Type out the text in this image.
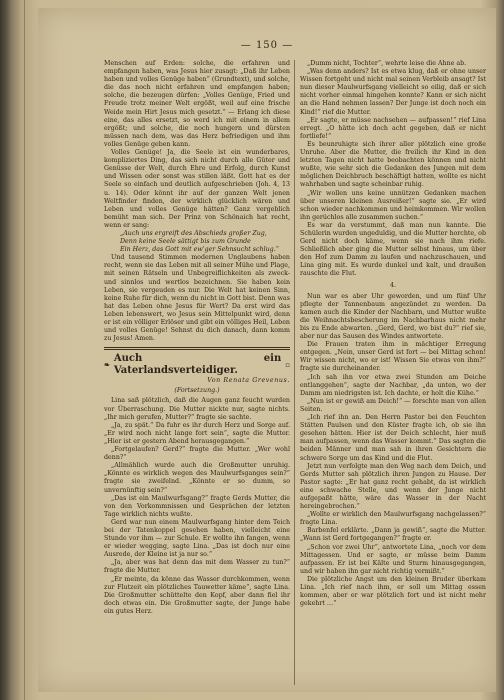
— 150 —

Menschen auf Erden: solche, die erfahren und empfangen haben, was Jesus hier zusagt: „Daß ihr Leben haben und volles Genüge haben“ (Grundtext), und solche, die das noch nicht erfahren und empfangen haben; solche, die bezeugen dürfen: „Volles Genüge, Fried und Freude trotz meiner Welt ergößt, weil auf eine frische Weide mein Hirt Jesus mich gesetzt.“ — Erlang ich diese eine, das alles ersetzt, so werd ich mit einem in allem ergößt; und solche, die noch hungern und dürsten müssen nach dem, was das Herz befriedigen und ihm volles Genüge geben kann.

Volles Genüge! Ja, die Seele ist ein wunderbares, kompliziertes Ding, das sich nicht durch alle Güter und Genüsse der Welt, durch Ehre und Erfolg, durch Kunst und Wissen oder sonst was stillen läßt. Gott hat es der Seele so einfach und deutlich aufgeschrieben (Joh. 4, 13 u. 14). Oder könnt ihr auf der ganzen Welt jenen Weltfinder finden, der wirklich glücklich wären und Leben und volles Genüge hätten? Ganz vergeblich bemüht man sich. Der Prinz von Schönaich hat recht, wenn er sang:

„Auch uns ergreift des Abschieds großer Zug,

Denn keine Seele sättigt bis zum Grunde

Ein Herz, das Gott mit ew'ger Sehnsucht schlug.“

Und tausend Stimmen modernen Unglaubens haben recht, wenn sie das Leben mit all seiner Mühe und Plage, mit seinen Rätseln und Unbegreiflichkeiten als zweck- und sinnlos und wertlos bezeichnen. Sie haben kein Leben, sie vergeuden es nur. Die Welt hat keinen Sinn, keine Ruhe für dich, wenn du nicht in Gott bist. Denn was hat das Leben ohne Jesus für Wert? Da erst wird das Leben lebenswert, wo Jesus sein Mittelpunkt wird, denn er ist ein völliger Erlöser und gibt ein völliges Heil, Leben und volles Genüge! Sehnst du dich danach, dann komm zu Jesus! Amen.

❧
Auch ein Vaterlandsverteidiger.
▫
Von Renata Grevenus.

(Fortsetzung.)

Lina saß plötzlich, daß die Augen ganz feucht wurden vor Überraschung. Die Mutter nickte nur, sagte nichts. „Ihr mich gerufen, Mutter?“ fragte sie sachte.

„Ja, zu spät.“ Da fuhr es ihr durch Herz und Sorge auf. „Er wird noch nicht lange fort sein“, sagte die Mutter. „Hier ist er gestern Abend herausgegangen.“

„Fortgelaufen? Gerd?“ fragte die Mutter. „Wer wohl denn?“

„Allmählich wurde auch die Großmutter unruhig. „Könnte es wirklich wegen des Maulwurfsganges sein?“ fragte sie zweifelnd. „Könnte er so dumm, so unvernünftig sein?“

„Das ist ein Maulwurfsgang?“ fragte Gerds Mutter, die von den Vorkommnissen und Gesprächen der letzten Tage wirklich nichts wußte.

Gerd war nun einem Maulwurfsgang hinter dem Teich bei der Tatenkoppel gesehen haben, vielleicht eine Stunde vor ihm — zur Schule. Er wollte ihn fangen, wenn er wieder wegging, sagte Lina. „Das ist doch nur eine Ausrede, der Kleine ist ja nur so.“

„Ja, aber was hat denn das mit dem Wasser zu tun?“ fragte die Mutter.

„Er meinte, da könne das Wasser durchkommen, wenn zur Flutzeit ein plötzliches Tauwetter käme“, sagte Lina. Die Großmutter schüttelte den Kopf, aber dann fiel ihr doch etwas ein. Die Großmutter sagte, der Junge habe ein gutes Herz.

„Dumm nicht, Tochter“, wehrte leise die Ahne ab.

„Was denn anders? Ist es etwa klug, daß er ohne unser Wissen fortgeht und nicht mal seinen Verbleib ansagt? Ist nun dieser Maulwurfsgang vielleicht so eilig, daß er sich nicht vorher einmal hingehen konnte? Kann er sich nicht an die Hand nehmen lassen? Der Junge ist doch noch ein Kind!“ rief die Mutter.

„Er sagte, er müsse nachsehen — aufpassen!“ rief Lina erregt. „O hätte ich doch acht gegeben, daß er nicht fortliefe!“

Es beunruhigte sich ihrer aller plötzlich eine große Unruhe. Aber die Mutter, die freilich ihr Kind in den letzten Tagen nicht hatte beobachten können und nicht wußte, wie sehr sich die Gedanken des Jungen mit dem möglichen Deichbruch beschäftigt hatten, wollte es nicht wahrhaben und sagte scheinbar ruhig.

„Wir wollen uns keine unnützen Gedanken machen über unseren kleinen Ausreißer!“ sagte sie. „Er wird schon wieder nachkommen und heimkommen. Wir wollen ihn gerüchlos alle zusammen suchen.“

Es war da verstummt, daß man nun kannte. Die Schülerin wurden ungeduldig, und die Mutter horchte, ob Gerd nicht doch käme, wenn sie nach ihm riefe. Schließlich aber ging die Mutter selbst hinaus, um über den Hof zum Damm zu laufen und nachzuschauen, und Lina ging mit. Es wurde dunkel und kalt, und draußen rauschte die Flut.

4.

Nun war es aber Uhr geworden, und um fünf Uhr pflegte der Tannenbaum angezündet zu werden. Da kamen auch die Kinder der Nachbarn, und Mutter wußte die Weihnachtsbescherung im Nachbarhaus nicht mehr bis zu Ende abwarten. „Gerd, Gerd, wo bist du?“ rief sie, aber nur das Sausen des Windes antwortete.

Die Frauen traten ihm in mächtiger Erregung entgegen. „Nein, unser Gerd ist fort — bei Mittag schon! Wir wissen nicht, wo er ist! Wissen Sie etwas von ihm?“ fragte sie durcheinander.

„Ich sah ihn vor etwa zwei Stunden am Deiche entlanggehen“, sagte der Nachbar, „da unten, wo der Damm am niedrigsten ist. Ich dachte, er holt die Kühe.“

„Nun ist er gewiß am Deich!“ — forschte man von allen Seiten.

„Ich rief ihn an. Den Herrn Pastor bei den Feuchten Stätten Paulsen und den Küster fragte ich, ob sie ihn gesehen hätten. Hier ist der Deich schlecht, hier muß man aufpassen, wenn das Wasser kommt.“ Das sagten die beiden Männer und man sah in ihren Gesichtern die schwere Sorge um das Kind und die Flut.

Jetzt nun verfolgte man den Weg nach dem Deich, und Gerds Mutter sah plötzlich ihren Jungen zu Hause. Der Pastor sagte: „Er hat ganz recht gehabt, da ist wirklich eine schwache Stelle, und wenn der Junge nicht aufgepaßt hätte, wäre das Wasser in der Nacht hereingebrochen.“

„Wollte er wirklich den Maulwurfsgang nachgelassen?“ fragte Lina.

Barbenfel erklärte. „Dann ja gewiß“, sagte die Mutter. „Wann ist Gerd fortgegangen?“ fragte er.

„Schon vor zwei Uhr“, antwortete Lina, „noch vor dem Mittagessen. Und er sagte, er müsse beim Damm aufpassen. Er ist bei Kälte und Sturm hinausgegangen, und wir haben ihn gar nicht richtig vermißt.“

Die plötzliche Angst um den kleinen Bruder überkam Lina. „Ich rief nach ihm, er soll um Mittag essen kommen, aber er war plötzlich fort und ist nicht mehr gekehrt …“
